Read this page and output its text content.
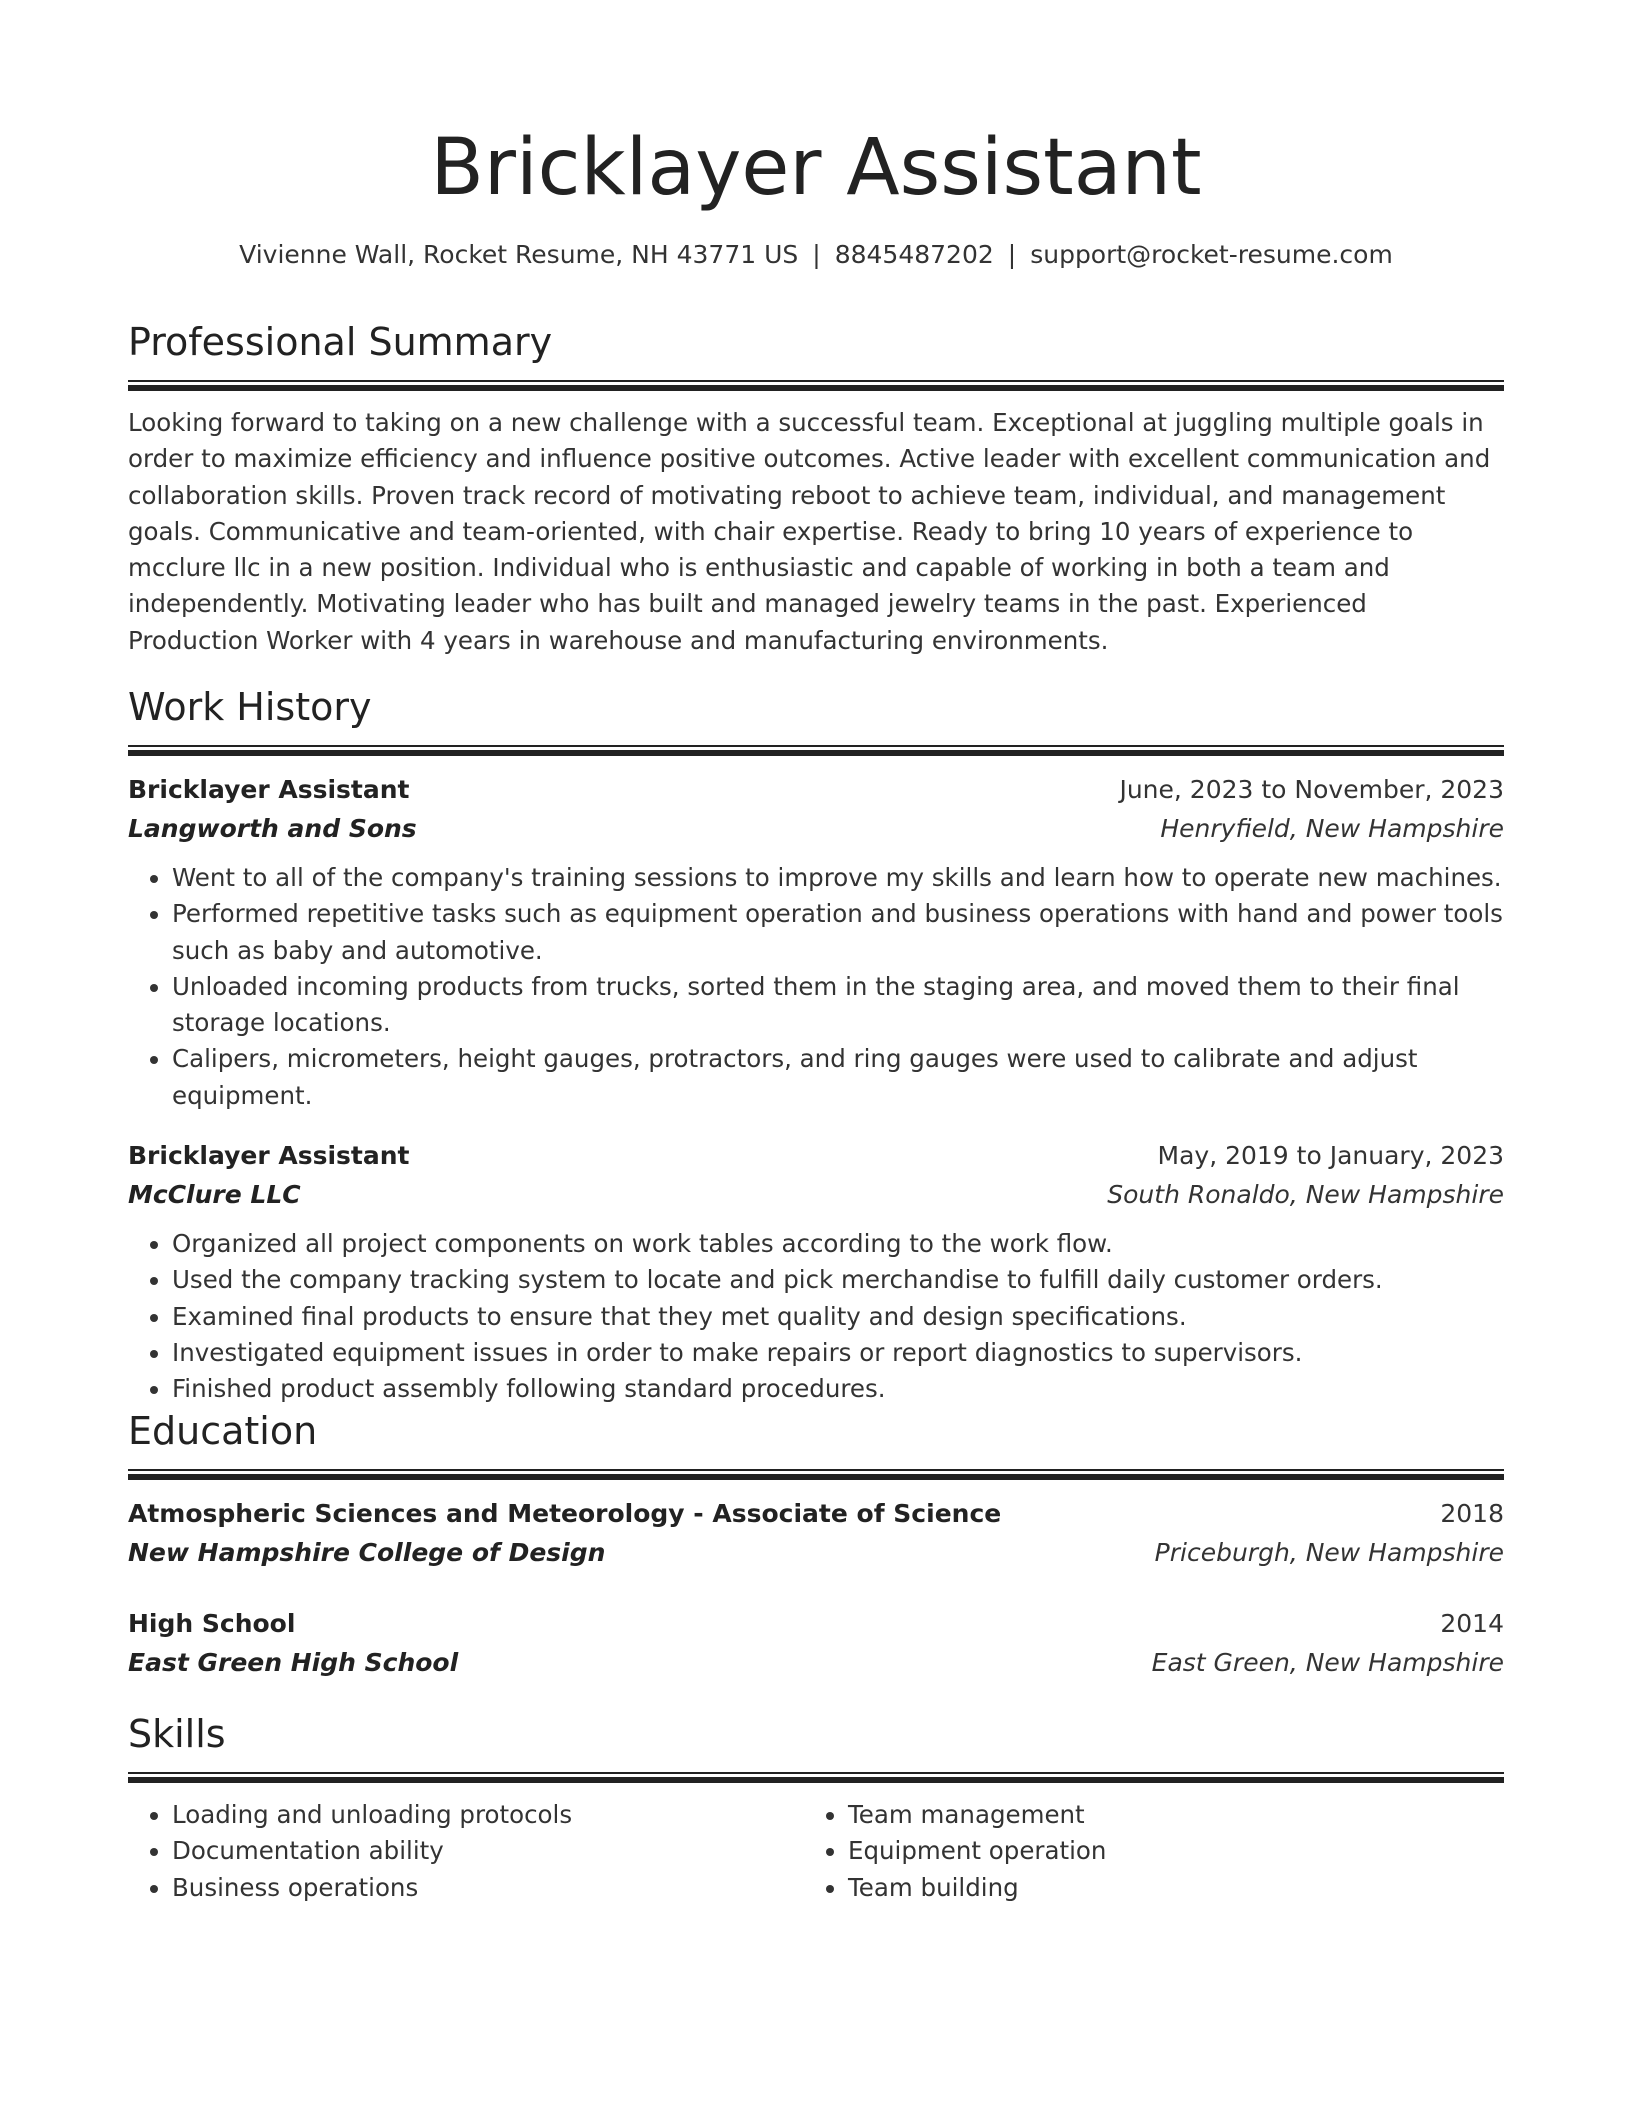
Bricklayer Assistant
Vivienne Wall, Rocket Resume, NH 43771 US | 8845487202 | support@rocket-resume.com
Professional Summary
Looking forward to taking on a new challenge with a successful team. Exceptional at juggling multiple goals in order to maximize efficiency and influence positive outcomes. Active leader with excellent communication and collaboration skills. Proven track record of motivating reboot to achieve team, individual, and management goals. Communicative and team-oriented, with chair expertise. Ready to bring 10 years of experience to mcclure llc in a new position. Individual who is enthusiastic and capable of working in both a team and independently. Motivating leader who has built and managed jewelry teams in the past. Experienced Production Worker with 4 years in warehouse and manufacturing environments.
Work History
Bricklayer Assistant	June, 2023 to November, 2023
Langworth and Sons	Henryfield, New Hampshire
• Went to all of the company's training sessions to improve my skills and learn how to operate new machines.
• Performed repetitive tasks such as equipment operation and business operations with hand and power tools such as baby and automotive.
• Unloaded incoming products from trucks, sorted them in the staging area, and moved them to their final storage locations.
• Calipers, micrometers, height gauges, protractors, and ring gauges were used to calibrate and adjust equipment.
Bricklayer Assistant	May, 2019 to January, 2023
McClure LLC	South Ronaldo, New Hampshire
• Organized all project components on work tables according to the work flow.
• Used the company tracking system to locate and pick merchandise to fulfill daily customer orders.
• Examined final products to ensure that they met quality and design specifications.
• Investigated equipment issues in order to make repairs or report diagnostics to supervisors.
• Finished product assembly following standard procedures.
Education
Atmospheric Sciences and Meteorology - Associate of Science	2018
New Hampshire College of Design	Priceburgh, New Hampshire
High School	2014
East Green High School	East Green, New Hampshire
Skills
• Loading and unloading protocols
• Documentation ability
• Business operations
• Team management
• Equipment operation
• Team building
